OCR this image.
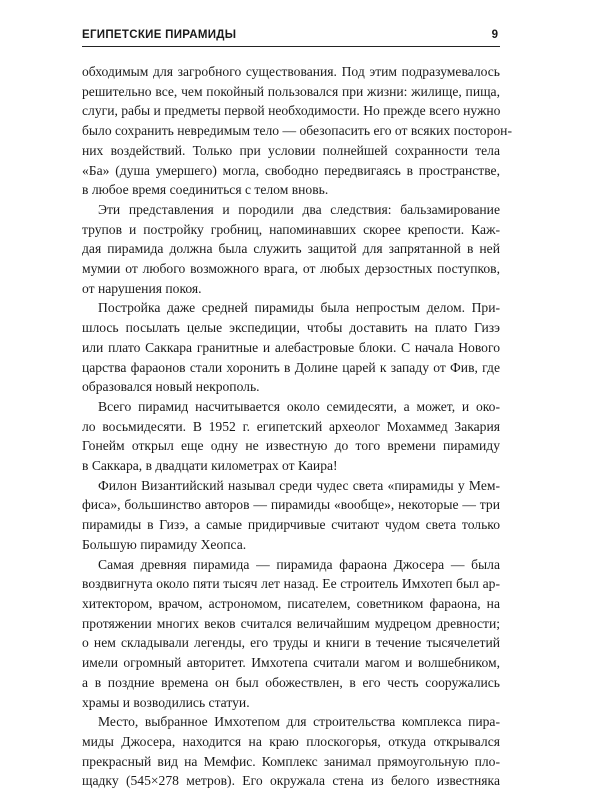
ЕГИПЕТСКИЕ ПИРАМИДЫ	9

обходимым для загробного существования. Под этим подразумевалось
решительно все, чем покойный пользовался при жизни: жилище, пища,
слуги, рабы и предметы первой необходимости. Но прежде всего нужно
было сохранить невредимым тело — обезопасить его от всяких посторон-
них воздействий. Только при условии полнейшей сохранности тела
«Ба» (душа умершего) могла, свободно передвигаясь в пространстве,
в любое время соединиться с телом вновь.

Эти представления и породили два следствия: бальзамирование
трупов и постройку гробниц, напоминавших скорее крепости. Каж-
дая пирамида должна была служить защитой для запрятанной в ней
мумии от любого возможного врага, от любых дерзостных поступков,
от нарушения покоя.

Постройка даже средней пирамиды была непростым делом. При-
шлось посылать целые экспедиции, чтобы доставить на плато Гизэ
или плато Саккара гранитные и алебастровые блоки. С начала Нового
царства фараонов стали хоронить в Долине царей к западу от Фив, где
образовался новый некрополь.

Всего пирамид насчитывается около семидесяти, а может, и око-
ло восьмидесяти. В 1952 г. египетский археолог Мохаммед Закария
Гонейм открыл еще одну не известную до того времени пирамиду
в Саккара, в двадцати километрах от Каира!

Филон Византийский называл среди чудес света «пирамиды у Мем-
фиса», большинство авторов — пирамиды «вообще», некоторые — три
пирамиды в Гизэ, а самые придирчивые считают чудом света только
Большую пирамиду Хеопса.

Самая древняя пирамида — пирамида фараона Джосера — была
воздвигнута около пяти тысяч лет назад. Ее строитель Имхотеп был ар-
хитектором, врачом, астрономом, писателем, советником фараона, на
протяжении многих веков считался величайшим мудрецом древности;
о нем складывали легенды, его труды и книги в течение тысячелетий
имели огромный авторитет. Имхотепа считали магом и волшебником,
а в поздние времена он был обожествлен, в его честь сооружались
храмы и возводились статуи.

Место, выбранное Имхотепом для строительства комплекса пира-
миды Джосера, находится на краю плоскогорья, откуда открывался
прекрасный вид на Мемфис. Комплекс занимал прямоугольную пло-
щадку (545×278 метров). Его окружала стена из белого известняка
